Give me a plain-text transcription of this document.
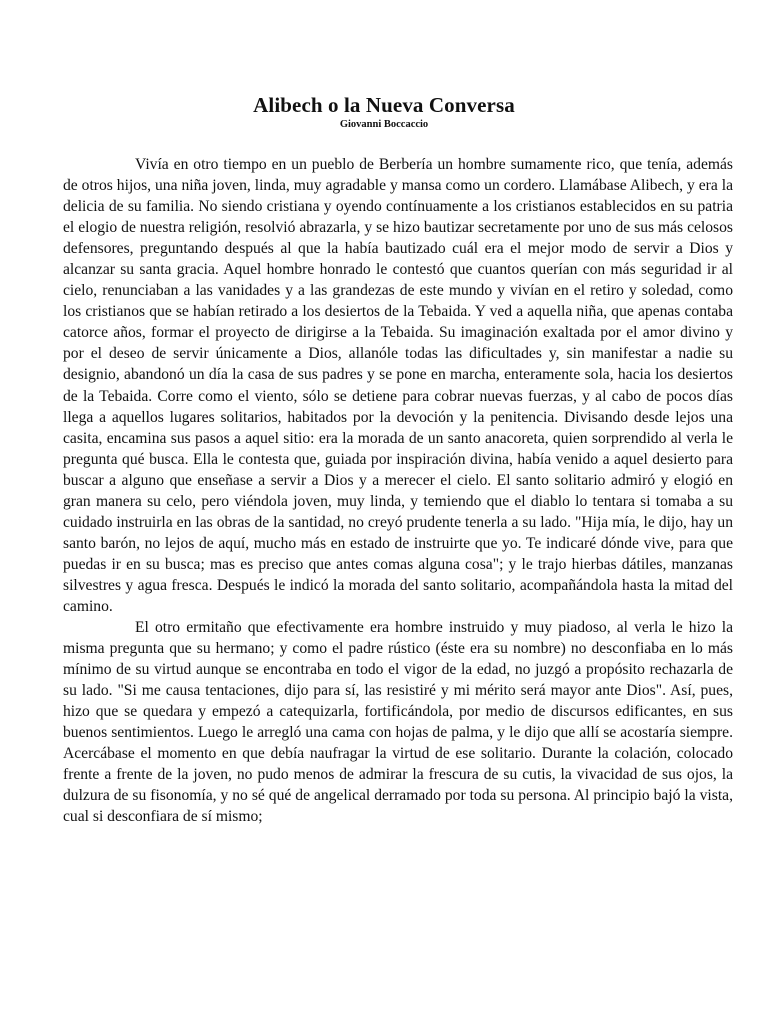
Alibech o la Nueva Conversa

Giovanni Boccaccio

Vivía en otro tiempo en un pueblo de Berbería un hombre sumamente rico, que tenía, además de otros hijos, una niña joven, linda, muy agradable y mansa como un cordero. Llamábase Alibech, y era la delicia de su familia. No siendo cristiana y oyendo contínuamente a los cristianos establecidos en su patria el elogio de nuestra religión, resolvió abrazarla, y se hizo bautizar secretamente por uno de sus más celosos defensores, preguntando después al que la había bautizado cuál era el mejor modo de servir a Dios y alcanzar su santa gracia. Aquel hombre honrado le contestó que cuantos querían con más seguridad ir al cielo, renunciaban a las vanidades y a las grandezas de este mundo y vivían en el retiro y soledad, como los cristianos que se habían retirado a los desiertos de la Tebaida. Y ved a aquella niña, que apenas contaba catorce años, formar el proyecto de dirigirse a la Tebaida. Su imaginación exaltada por el amor divino y por el deseo de servir únicamente a Dios, allanóle todas las dificultades y, sin manifestar a nadie su designio, abandonó un día la casa de sus padres y se pone en marcha, enteramente sola, hacia los desiertos de la Tebaida. Corre como el viento, sólo se detiene para cobrar nuevas fuerzas, y al cabo de pocos días llega a aquellos lugares solitarios, habitados por la devoción y la penitencia. Divisando desde lejos una casita, encamina sus pasos a aquel sitio: era la morada de un santo anacoreta, quien sorprendido al verla le pregunta qué busca. Ella le contesta que, guiada por inspiración divina, había venido a aquel desierto para buscar a alguno que enseñase a servir a Dios y a merecer el cielo. El santo solitario admiró y elogió en gran manera su celo, pero viéndola joven, muy linda, y temiendo que el diablo lo tentara si tomaba a su cuidado instruirla en las obras de la santidad, no creyó prudente tenerla a su lado. "Hija mía, le dijo, hay un santo barón, no lejos de aquí, mucho más en estado de instruirte que yo. Te indicaré dónde vive, para que puedas ir en su busca; mas es preciso que antes comas alguna cosa"; y le trajo hierbas dátiles, manzanas silvestres y agua fresca. Después le indicó la morada del santo solitario, acompañándola hasta la mitad del camino.

El otro ermitaño que efectivamente era hombre instruido y muy piadoso, al verla le hizo la misma pregunta que su hermano; y como el padre rústico (éste era su nombre) no desconfiaba en lo más mínimo de su virtud aunque se encontraba en todo el vigor de la edad, no juzgó a propósito rechazarla de su lado. "Si me causa tentaciones, dijo para sí, las resistiré y mi mérito será mayor ante Dios". Así, pues, hizo que se quedara y empezó a catequizarla, fortificándola, por medio de discursos edificantes, en sus buenos sentimientos. Luego le arregló una cama con hojas de palma, y le dijo que allí se acostaría siempre. Acercábase el momento en que debía naufragar la virtud de ese solitario. Durante la colación, colocado frente a frente de la joven, no pudo menos de admirar la frescura de su cutis, la vivacidad de sus ojos, la dulzura de su fisonomía, y no sé qué de angelical derramado por toda su persona. Al principio bajó la vista, cual si desconfiara de sí mismo;
